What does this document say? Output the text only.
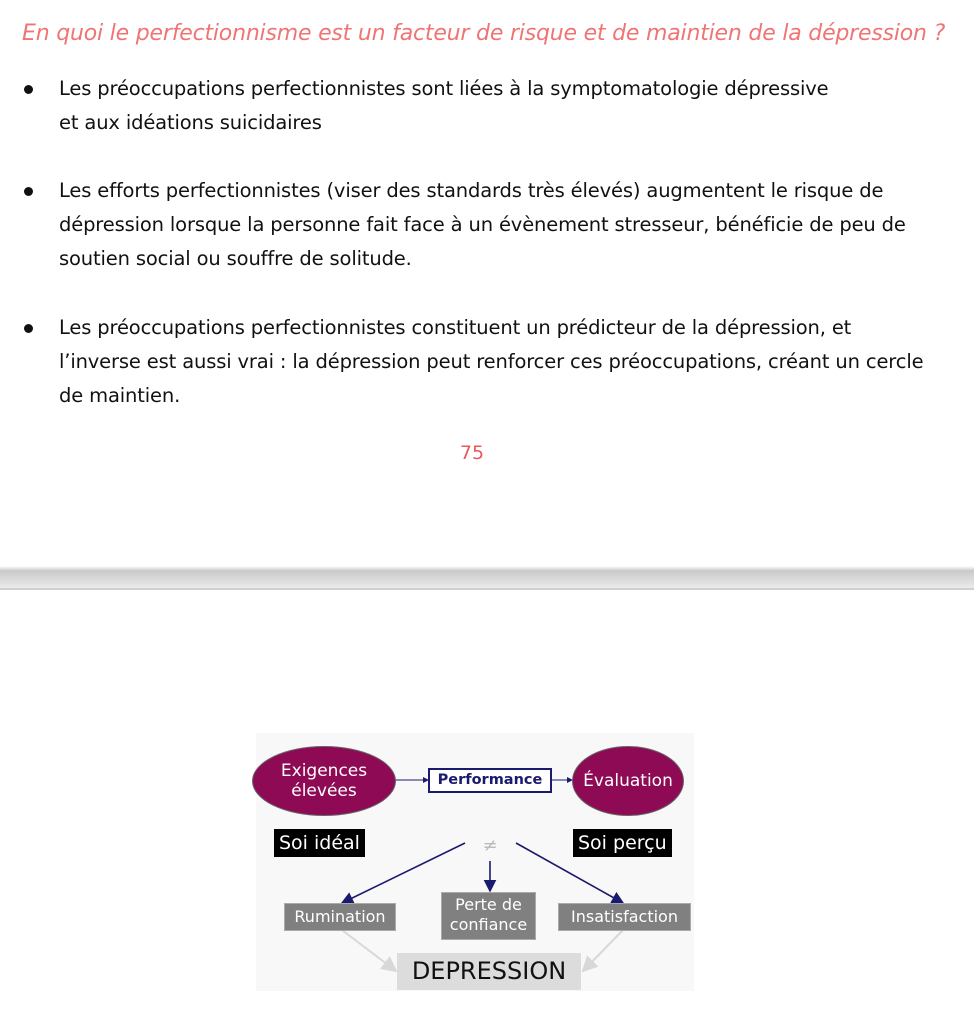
En quoi le perfectionnisme est un facteur de risque et de maintien de la dépression ?
Les préoccupations perfectionnistes sont liées à la symptomatologie dépressive
et aux idéations suicidaires
Les efforts perfectionnistes (viser des standards très élevés) augmentent le risque de
dépression lorsque la personne fait face à un évènement stresseur, bénéficie de peu de
soutien social ou souffre de solitude.
Les préoccupations perfectionnistes constituent un prédicteur de la dépression, et
l’inverse est aussi vrai : la dépression peut renforcer ces préoccupations, créant un cercle
de maintien.
75
≠
Exigences
élevées
Performance	Évaluation
Soi idéal	Soi perçu
Rumination
Perte de
confiance	Insatisfaction
DEPRESSION
